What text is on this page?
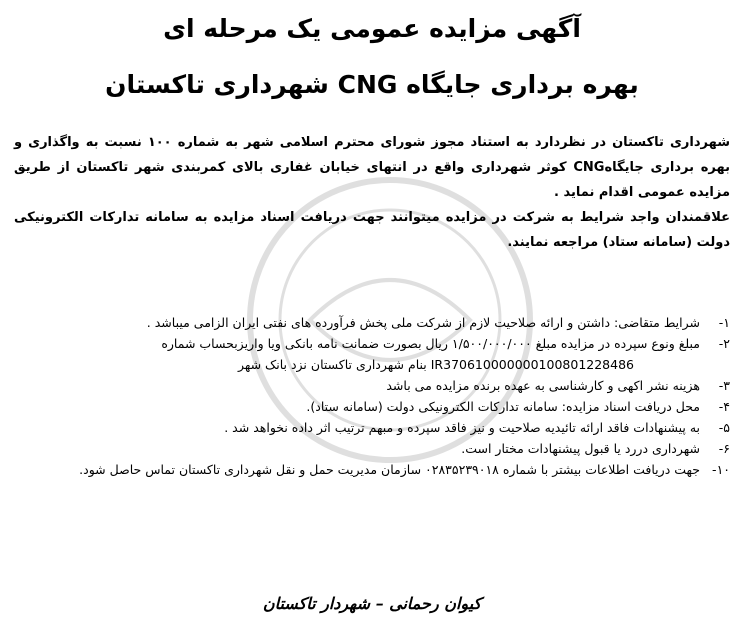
آگهی مزایده عمومی یک مرحله ای
بهره برداری جایگاه CNG شهرداری تاکستان

شهرداری تاکستان در نظردارد به استناد مجوز شورای محترم اسلامی شهر به شماره ۱۰۰ نسبت به واگذاری و بهره برداری جایگاهCNG کوثر شهرداری واقع در انتهای خیابان غفاری بالای کمربندی شهر تاکستان از طریق مزایده عمومی اقدام نماید .

علاقمندان واجد شرایط به شرکت در مزایده میتوانند جهت دریافت اسناد مزایده به سامانه تدارکات الکترونیکی دولت (سامانه ستاد) مراجعه نمایند.

۱- شرایط متقاضی: داشتن و ارائه صلاحیت لازم از شرکت ملی پخش فرآورده های نفتی ایران الزامی میباشد .
۲- مبلغ ونوع سپرده در مزایده مبلغ ۱/۵۰۰/۰۰۰/۰۰۰ ریال بصورت ضمانت نامه بانکی ویا واریزبحساب شماره
IR370610000000100801228486 بنام شهرداری تاکستان نزد بانک شهر
۳- هزینه نشر اکهی و کارشناسی به عهده برنده مزایده می باشد
۴- محل دریافت اسناد مزایده: سامانه تدارکات الکترونیکی دولت (سامانه ستاد).
۵- به پیشنهادات فاقد ارائه تائیدیه صلاحیت و نیز فاقد سپرده و مبهم ترتیب اثر داده نخواهد شد .
۶- شهرداری دررد یا قبول پیشنهادات مختار است.
۱۰- جهت دریافت اطلاعات بیشتر با شماره ۰۲۸۳۵۲۳۹۰۱۸ سازمان مدیریت حمل و نقل شهرداری تاکستان تماس حاصل شود.
کیوان رحمانی – شهردار تاکستان
